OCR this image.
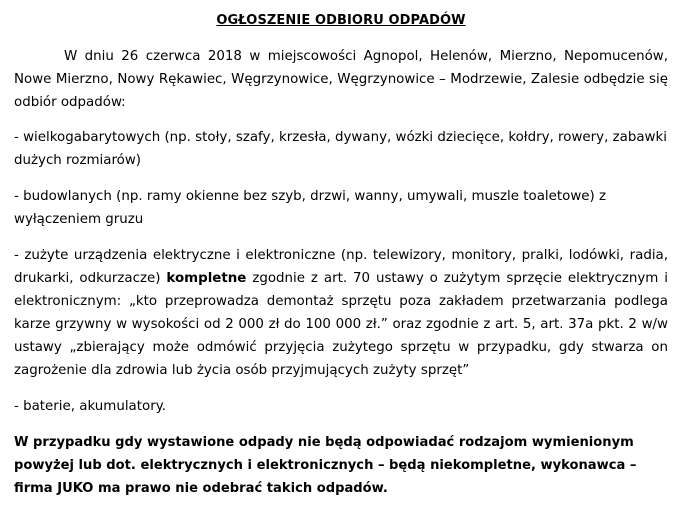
OGŁOSZENIE ODBIORU ODPADÓW

W dniu 26 czerwca 2018 w miejscowości Agnopol, Helenów, Mierzno, Nepomucenów, Nowe Mierzno, Nowy Rękawiec, Węgrzynowice, Węgrzynowice – Modrzewie, Zalesie odbędzie się odbiór odpadów:

- wielkogabarytowych (np. stoły, szafy, krzesła, dywany, wózki dziecięce, kołdry, rowery, zabawki dużych rozmiarów)

- budowlanych (np. ramy okienne bez szyb, drzwi, wanny, umywali, muszle toaletowe) z wyłączeniem gruzu

- zużyte urządzenia elektryczne i elektroniczne (np. telewizory, monitory, pralki, lodówki, radia, drukarki, odkurzacze) kompletne zgodnie z art. 70 ustawy o zużytym sprzęcie elektrycznym i elektronicznym: „kto przeprowadza demontaż sprzętu poza zakładem przetwarzania podlega karze grzywny w wysokości od 2 000 zł do 100 000 zł.” oraz zgodnie z art. 5, art. 37a pkt. 2 w/w ustawy „zbierający może odmówić przyjęcia zużytego sprzętu w przypadku, gdy stwarza on zagrożenie dla zdrowia lub życia osób przyjmujących zużyty sprzęt”

- baterie, akumulatory.

W przypadku gdy wystawione odpady nie będą odpowiadać rodzajom wymienionym powyżej lub dot. elektrycznych i elektronicznych – będą niekompletne, wykonawca – firma JUKO ma prawo nie odebrać takich odpadów.
